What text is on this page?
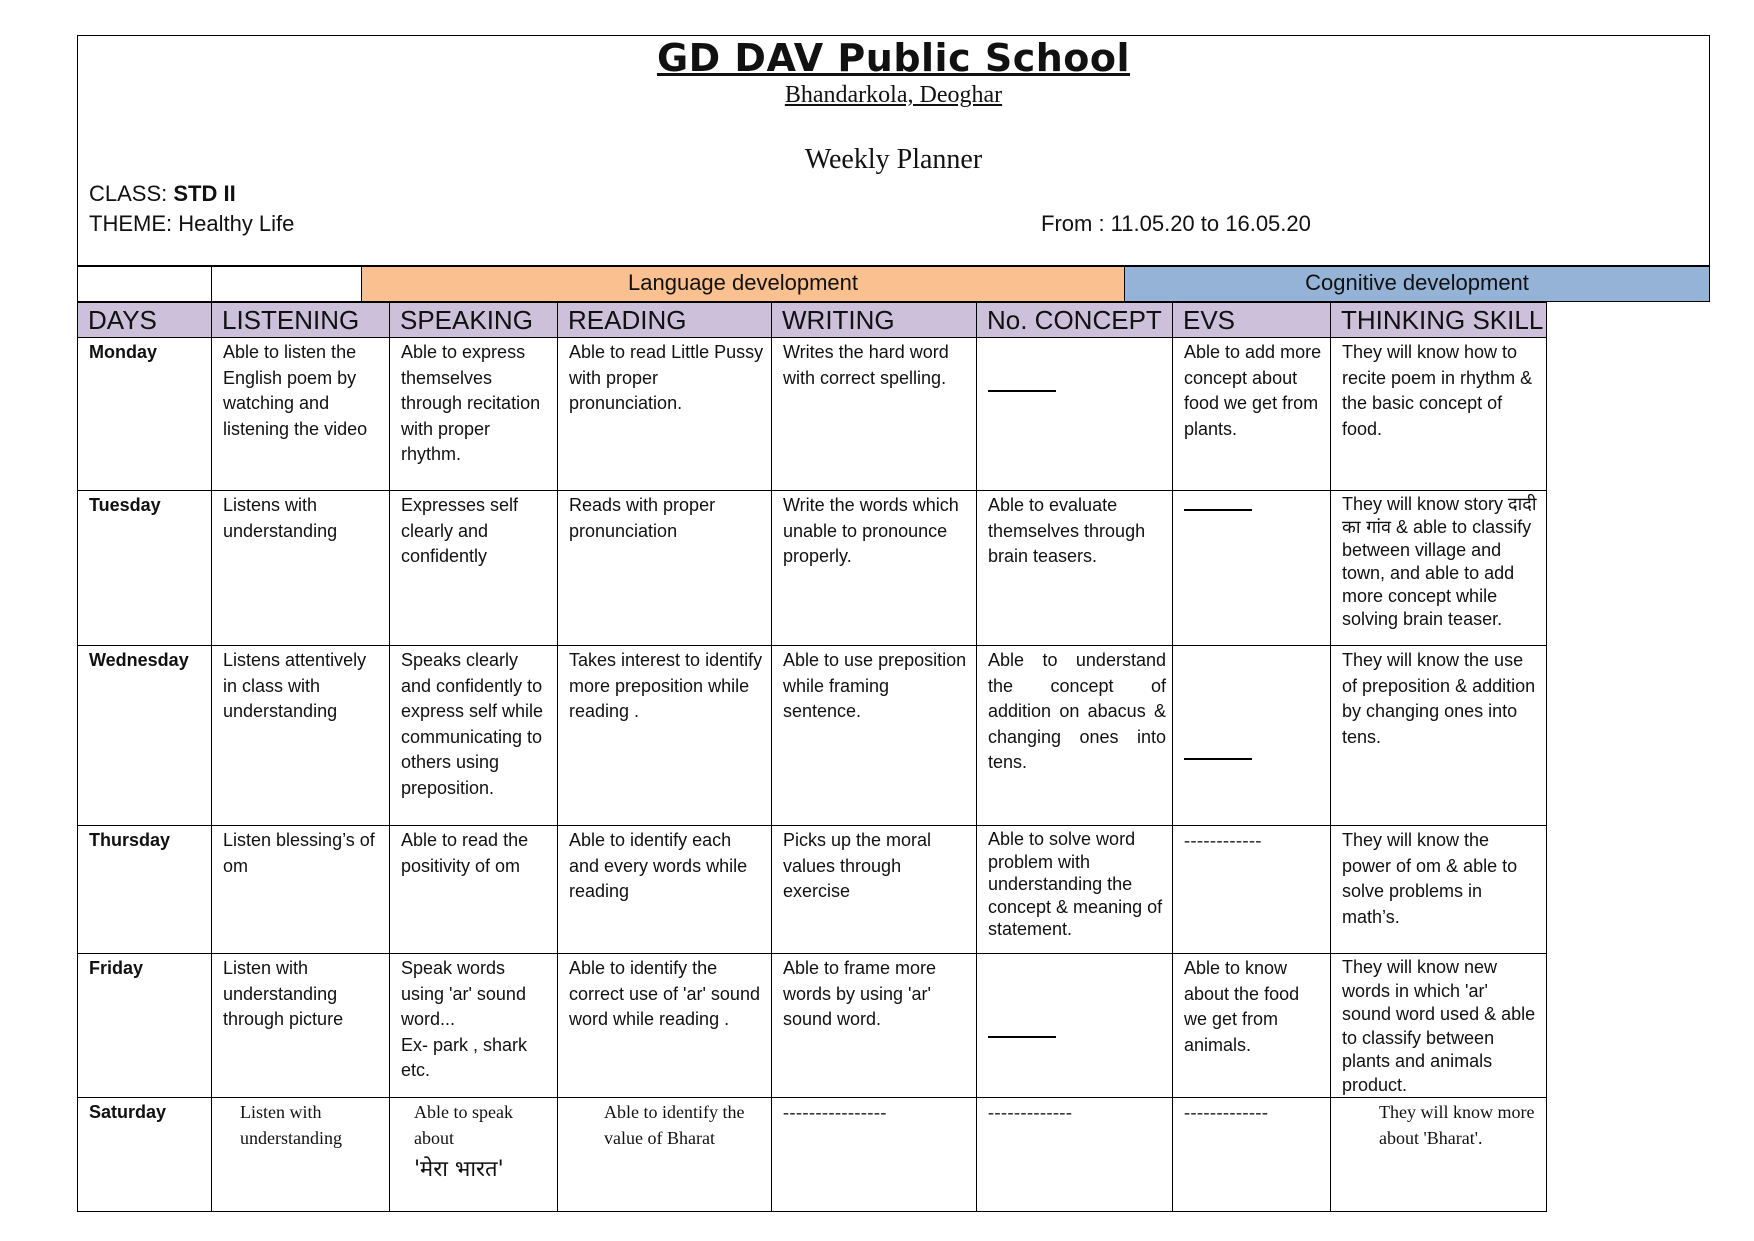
GD DAV Public School
Bhandarkola, Deoghar
Weekly Planner
CLASS: STD II
THEME: Healthy Life	From : 11.05.20 to 16.05.20
Language development	Cognitive development
DAYS	LISTENING	SPEAKING	READING	WRITING	No. CONCEPT	EVS	THINKING SKILL
Monday	Able to listen the English poem by watching and listening the video	Able to express themselves through recitation with proper rhythm.	Able to read Little Pussy with proper pronunciation.	Writes the hard word with correct spelling.		Able to add more concept about food we get from plants.	They will know how to recite poem in rhythm & the basic concept of food.
Tuesday	Listens with understanding	Expresses self clearly and confidently	Reads with proper pronunciation	Write the words which unable to pronounce properly.	Able to evaluate themselves through brain teasers.		They will know story दादी का गांव & able to classify between village and town, and able to add more concept while solving brain teaser.
Wednesday	Listens attentively in class with understanding	Speaks clearly and confidently to express self while communicating to others using preposition.	Takes interest to identify more preposition while reading .	Able to use preposition while framing sentence.	Able to understand the concept of addition on abacus & changing ones into tens.		They will know the use of preposition & addition by changing ones into tens.
Thursday	Listen blessing’s of om	Able to read the positivity of om	Able to identify each and every words while reading	Picks up the moral values through exercise	Able to solve word problem with understanding the concept & meaning of statement.	------------	They will know the power of om & able to solve problems in math’s.
Friday	Listen with understanding through picture	Speak words using 'ar' sound word...
Ex- park , shark etc.	Able to identify the correct use of 'ar' sound word while reading .	Able to frame more words by using 'ar' sound word.		Able to know about the food we get from animals.	They will know new words in which 'ar' sound word used & able to classify between plants and animals product.
Saturday	Listen with understanding	Able to speak about
'मेरा भारत'	Able to identify the value of Bharat	----------------	-------------	-------------	They will know more about 'Bharat'.
